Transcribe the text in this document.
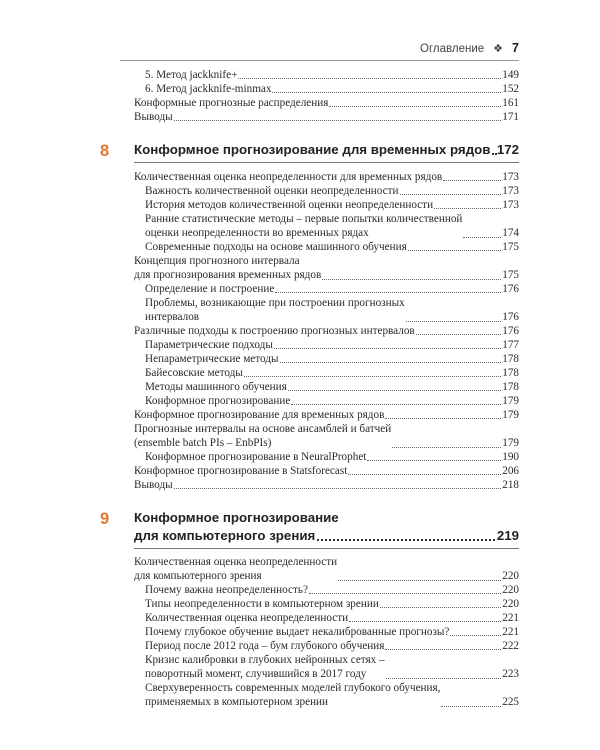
Оглавление ❖ 7
5. Метод jackknife+	149
6. Метод jackknife-minmax	152
Конформные прогнозные распределения	161
Выводы	171
8 Конформное прогнозирование для временных рядов 172
Количественная оценка неопределенности для временных рядов	173
Важность количественной оценки неопределенности	173
История методов количественной оценки неопределенности	173
Ранние статистические методы – первые попытки количественной
оценки неопределенности во временных рядах	174
Современные подходы на основе машинного обучения	175
Концепция прогнозного интервала
для прогнозирования временных рядов	175
Определение и построение	176
Проблемы, возникающие при построении прогнозных
интервалов	176
Различные подходы к построению прогнозных интервалов	176
Параметрические подходы	177
Непараметрические методы	178
Байесовские методы	178
Методы машинного обучения	178
Конформное прогнозирование	179
Конформное прогнозирование для временных рядов	179
Прогнозные интервалы на основе ансамблей и батчей
(ensemble batch PIs – EnbPIs)	179
Конформное прогнозирование в NeuralProphet	190
Конформное прогнозирование в Statsforecast	206
Выводы	218
9 Конформное прогнозирование
для компьютерного зрения	219
Количественная оценка неопределенности
для компьютерного зрения	220
Почему важна неопределенность?	220
Типы неопределенности в компьютерном зрении	220
Количественная оценка неопределенности	221
Почему глубокое обучение выдает некалиброванные прогнозы?	221
Период после 2012 года – бум глубокого обучения	222
Кризис калибровки в глубоких нейронных сетях –
поворотный момент, случившийся в 2017 году	223
Сверхуверенность современных моделей глубокого обучения,
применяемых в компьютерном зрении	225
